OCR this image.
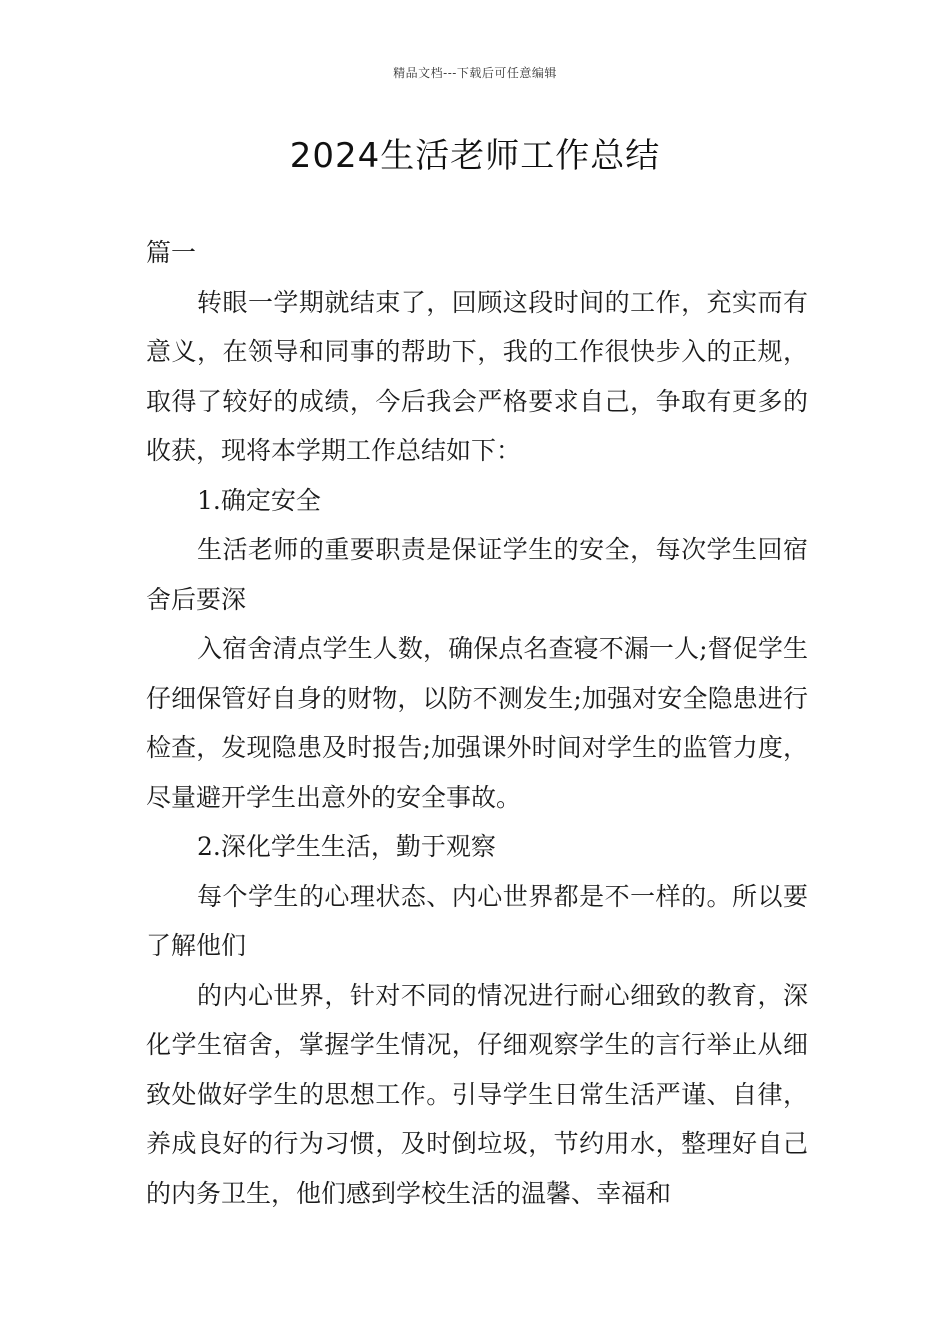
精品文档---下载后可任意编辑
2024生活老师工作总结

篇一

转眼一学期就结束了，回顾这段时间的工作，充实而有意义，在领导和同事的帮助下，我的工作很快步入的正规，取得了较好的成绩，今后我会严格要求自己，争取有更多的收获，现将本学期工作总结如下：

1.确定安全

生活老师的重要职责是保证学生的安全，每次学生回宿舍后要深

入宿舍清点学生人数，确保点名查寝不漏一人;督促学生仔细保管好自身的财物，以防不测发生;加强对安全隐患进行检查，发现隐患及时报告;加强课外时间对学生的监管力度，尽量避开学生出意外的安全事故。

2.深化学生生活，勤于观察

每个学生的心理状态、内心世界都是不一样的。所以要了解他们

的内心世界，针对不同的情况进行耐心细致的教育，深化学生宿舍，掌握学生情况，仔细观察学生的言行举止从细致处做好学生的思想工作。引导学生日常生活严谨、自律，养成良好的行为习惯，及时倒垃圾，节约用水，整理好自己的内务卫生，他们感到学校生活的温馨、幸福和
